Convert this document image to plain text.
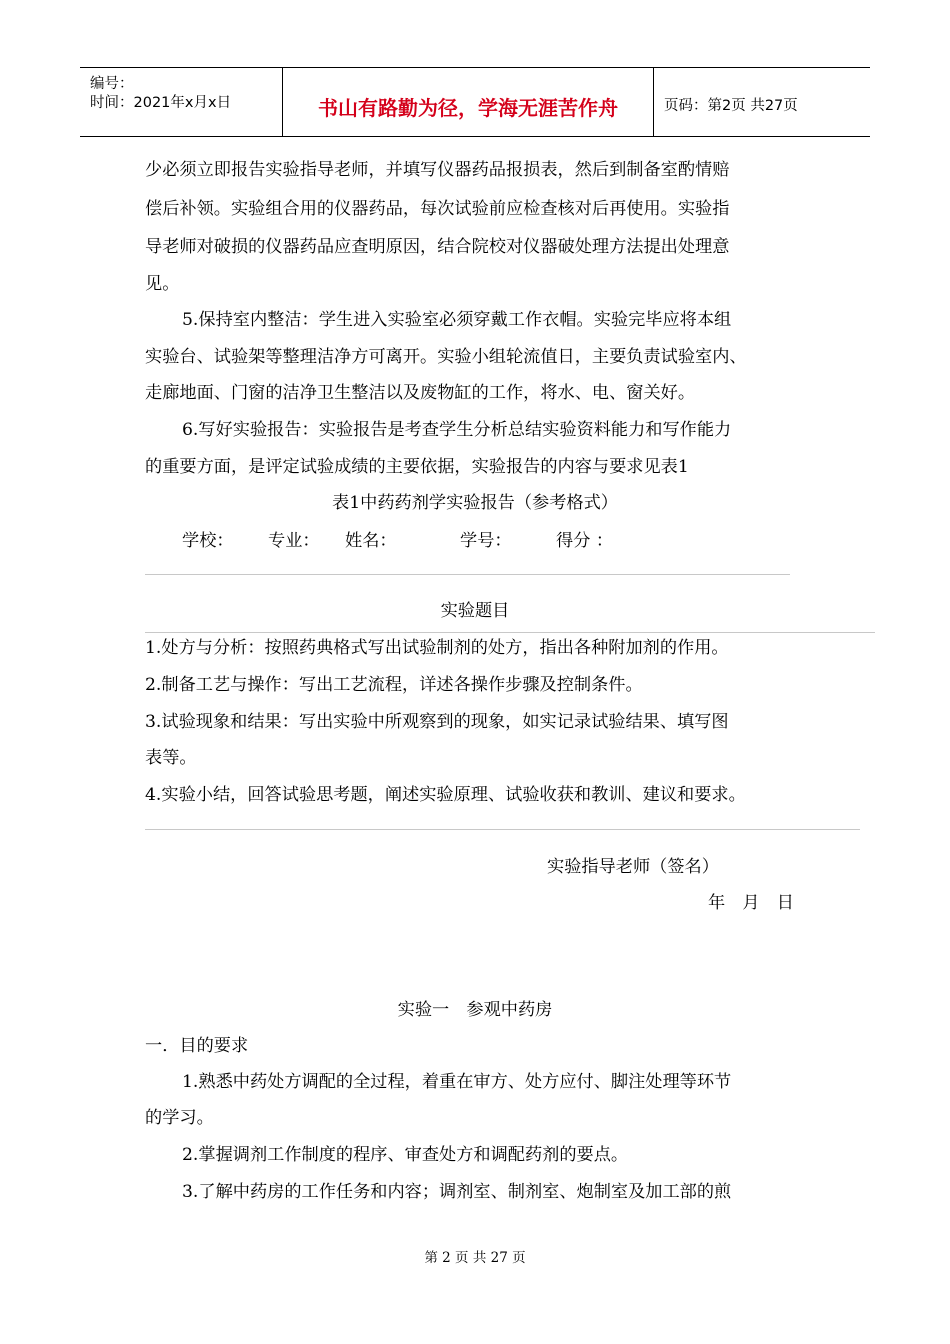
编号：
时间：2021年x月x日	书山有路勤为径，学海无涯苦作舟	页码：第2页 共27页
少必须立即报告实验指导老师，并填写仪器药品报损表，然后到制备室酌情赔
偿后补领。实验组合用的仪器药品，每次试验前应检查核对后再使用。实验指
导老师对破损的仪器药品应查明原因，结合院校对仪器破处理方法提出处理意
见。
5.保持室内整洁：学生进入实验室必须穿戴工作衣帽。实验完毕应将本组
实验台、试验架等整理洁净方可离开。实验小组轮流值日，主要负责试验室内、
走廊地面、门窗的洁净卫生整洁以及废物缸的工作，将水、电、窗关好。
6.写好实验报告：实验报告是考查学生分析总结实验资料能力和写作能力
的重要方面，是评定试验成绩的主要依据，实验报告的内容与要求见表1
表1中药药剂学实验报告（参考格式）
学校： 专业： 姓名：	学号：	得分 ：
实验题目
1.处方与分析：按照药典格式写出试验制剂的处方，指出各种附加剂的作用。
2.制备工艺与操作：写出工艺流程，详述各操作步骤及控制条件。
3.试验现象和结果：写出实验中所观察到的现象，如实记录试验结果、填写图
表等。
4.实验小结，回答试验思考题，阐述实验原理、试验收获和教训、建议和要求。
实验指导老师（签名）
年　月　日
实验一　参观中药房
一．目的要求
1.熟悉中药处方调配的全过程，着重在审方、处方应付、脚注处理等环节
的学习。
2.掌握调剂工作制度的程序、审查处方和调配药剂的要点。
3.了解中药房的工作任务和内容；调剂室、制剂室、炮制室及加工部的煎
第 2 页 共 27 页
